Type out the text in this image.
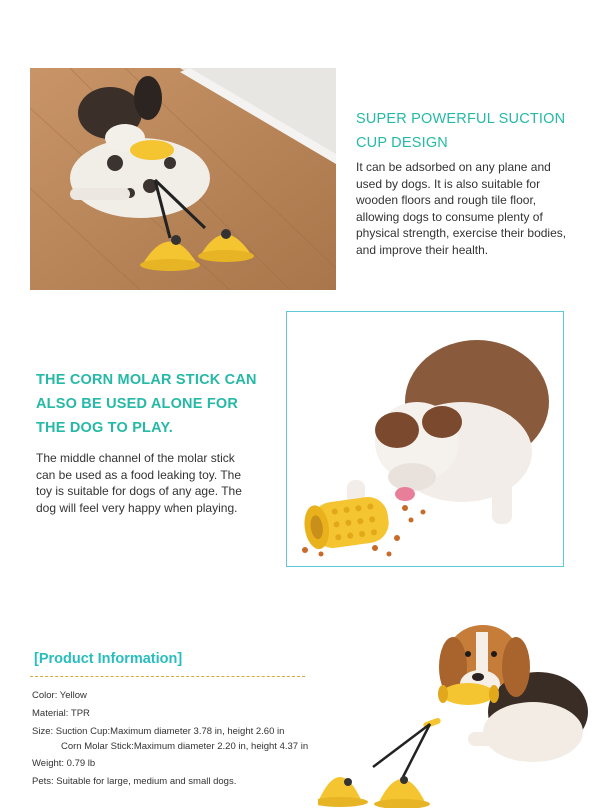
SUPER POWERFUL SUCTION
CUP DESIGN

It can be adsorbed on any plane and
used by dogs. It is also suitable for
wooden floors and rough tile floor,
allowing dogs to consume plenty of
physical strength, exercise their bodies,
and improve their health.

THE CORN MOLAR STICK CAN
ALSO BE USED ALONE FOR
THE DOG TO PLAY.

The middle channel of the molar stick
can be used as a food leaking toy. The
toy is suitable for dogs of any age. The
dog will feel very happy when playing.

[Product Information]
Color: Yellow
Material: TPR
Size: Suction Cup:Maximum diameter 3.78 in, height 2.60 in
Corn Molar Stick:Maximum diameter 2.20 in, height 4.37 in
Weight: 0.79 lb
Pets: Suitable for large, medium and small dogs.
